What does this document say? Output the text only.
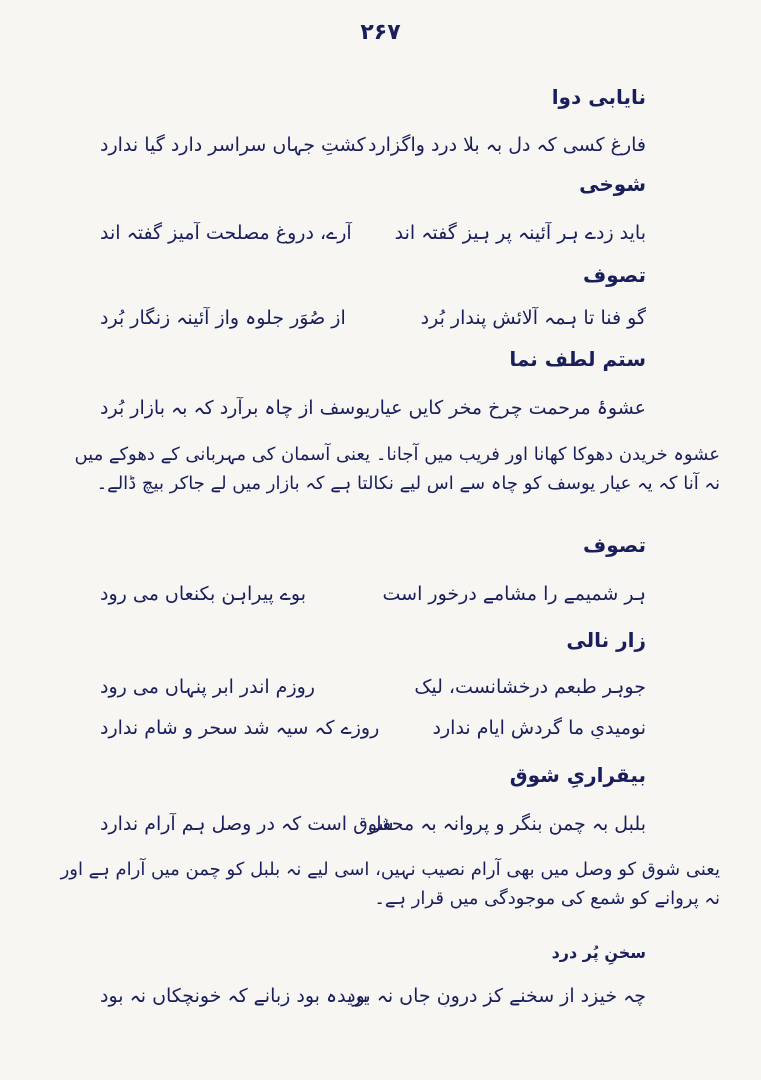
۲۶۷
نایابی دوا
فارغ کسی کہ دل بہ بلا درد واگزارد
کشتِ جہاں سراسر دارد گیا ندارد
شوخی
باید زدے ہر آئینہ پر ہیز گفتہ اند
آرے، دروغ مصلحت آمیز گفتہ اند
تصوف
گو فنا تا ہمہ آلائشِ پندار بُرد
از صُوَر جلوہ واز آئینہ زنگار بُرد
ستم لطف نما
عشوۂ مرحمت چرخ مخر کایں عیار
یوسف از چاہ برآرد کہ بہ بازار بُرد
عشوہ خریدن دھوکا کھانا اور فریب میں آجانا۔ یعنی آسمان کی مہربانی کے دھوکے میں نہ آنا کہ یہ عیار یوسف کو چاہ سے اس لیے نکالتا ہے کہ بازار میں لے جاکر بیچ ڈالے۔
تصوف
ہر شمیمے را مشامے درخور است
بوے پیراہن بکنعاں می رود
زار نالی
جوہر طبعم درخشانست، لیک
روزم اندر ابر پنہاں می رود
نومیدیِ ما گردشِ ایام ندارد
روزے کہ سیہ شد سحر و شام ندارد
بیقراریِ شوق
بلبل بہ چمن بنگر و پروانہ بہ محفل
شوق است کہ در وصل ہم آرام ندارد
یعنی شوق کو وصل میں بھی آرام نصیب نہیں، اسی لیے نہ بلبل کو چمن میں آرام ہے اور نہ پروانے کو شمع کی موجودگی میں قرار ہے۔
سخنِ پُر درد
چہ خیزد از سخنے کز درونِ جاں نہ بود
بریدہ بود زبانے کہ خونچکاں نہ بود
